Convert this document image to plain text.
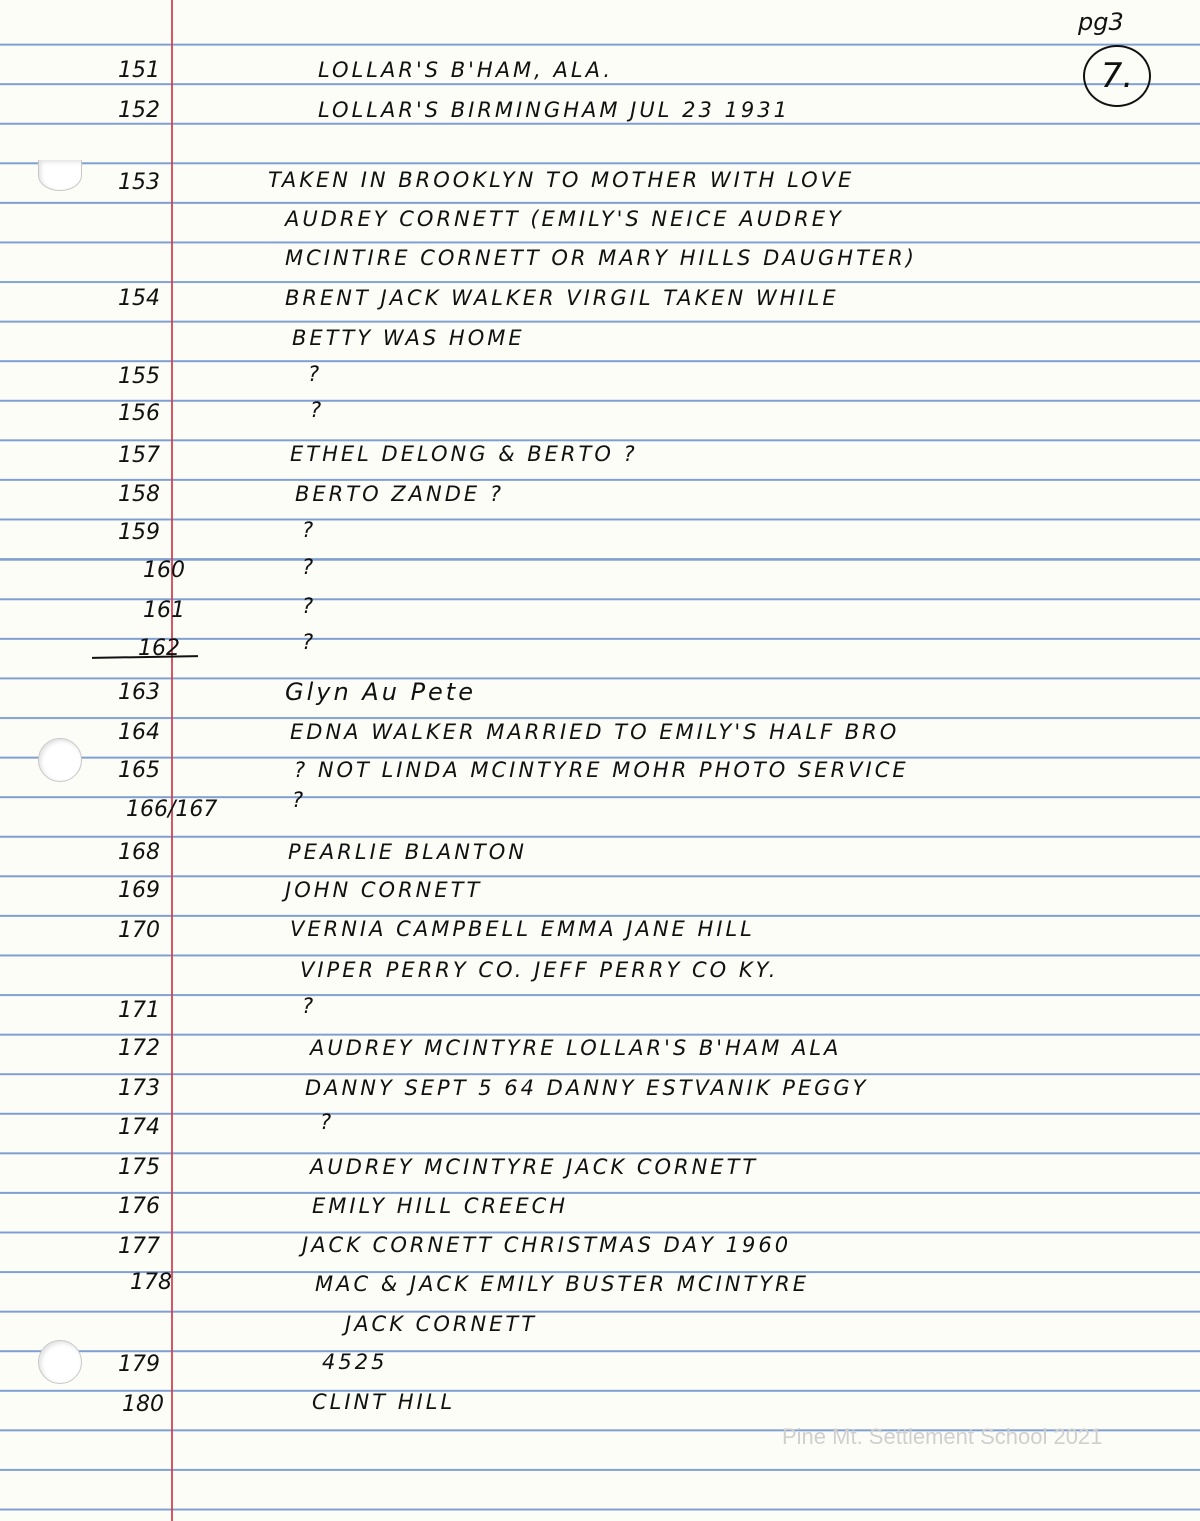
pg3
7.
151	LOLLAR'S B'HAM, ALA.
152	LOLLAR'S BIRMINGHAM JUL 23 1931
153	TAKEN IN BROOKLYN TO MOTHER WITH LOVE
AUDREY CORNETT (EMILY'S NEICE AUDREY
MCINTIRE CORNETT OR MARY HILLS DAUGHTER)
154	BRENT JACK WALKER VIRGIL TAKEN WHILE
BETTY WAS HOME
155	?
156	?
157	ETHEL DELONG & BERTO ?
158	BERTO ZANDE ?
159	?
160	?
161	?
162	?
163	Glyn Au Pete
164	EDNA WALKER MARRIED TO EMILY'S HALF BRO
165	? NOT LINDA MCINTYRE MOHR PHOTO SERVICE
166/167	?
168	PEARLIE BLANTON
169	JOHN CORNETT
170	VERNIA CAMPBELL EMMA JANE HILL
VIPER PERRY CO. JEFF PERRY CO KY.
171	?
172	AUDREY MCINTYRE LOLLAR'S B'HAM ALA
173	DANNY SEPT 5 64 DANNY ESTVANIK PEGGY
174	?
175	AUDREY MCINTYRE JACK CORNETT
176	EMILY HILL CREECH
177	JACK CORNETT CHRISTMAS DAY 1960
178	MAC & JACK EMILY BUSTER MCINTYRE
JACK CORNETT
179	4525
180	CLINT HILL
Pine Mt. Settlement School 2021
